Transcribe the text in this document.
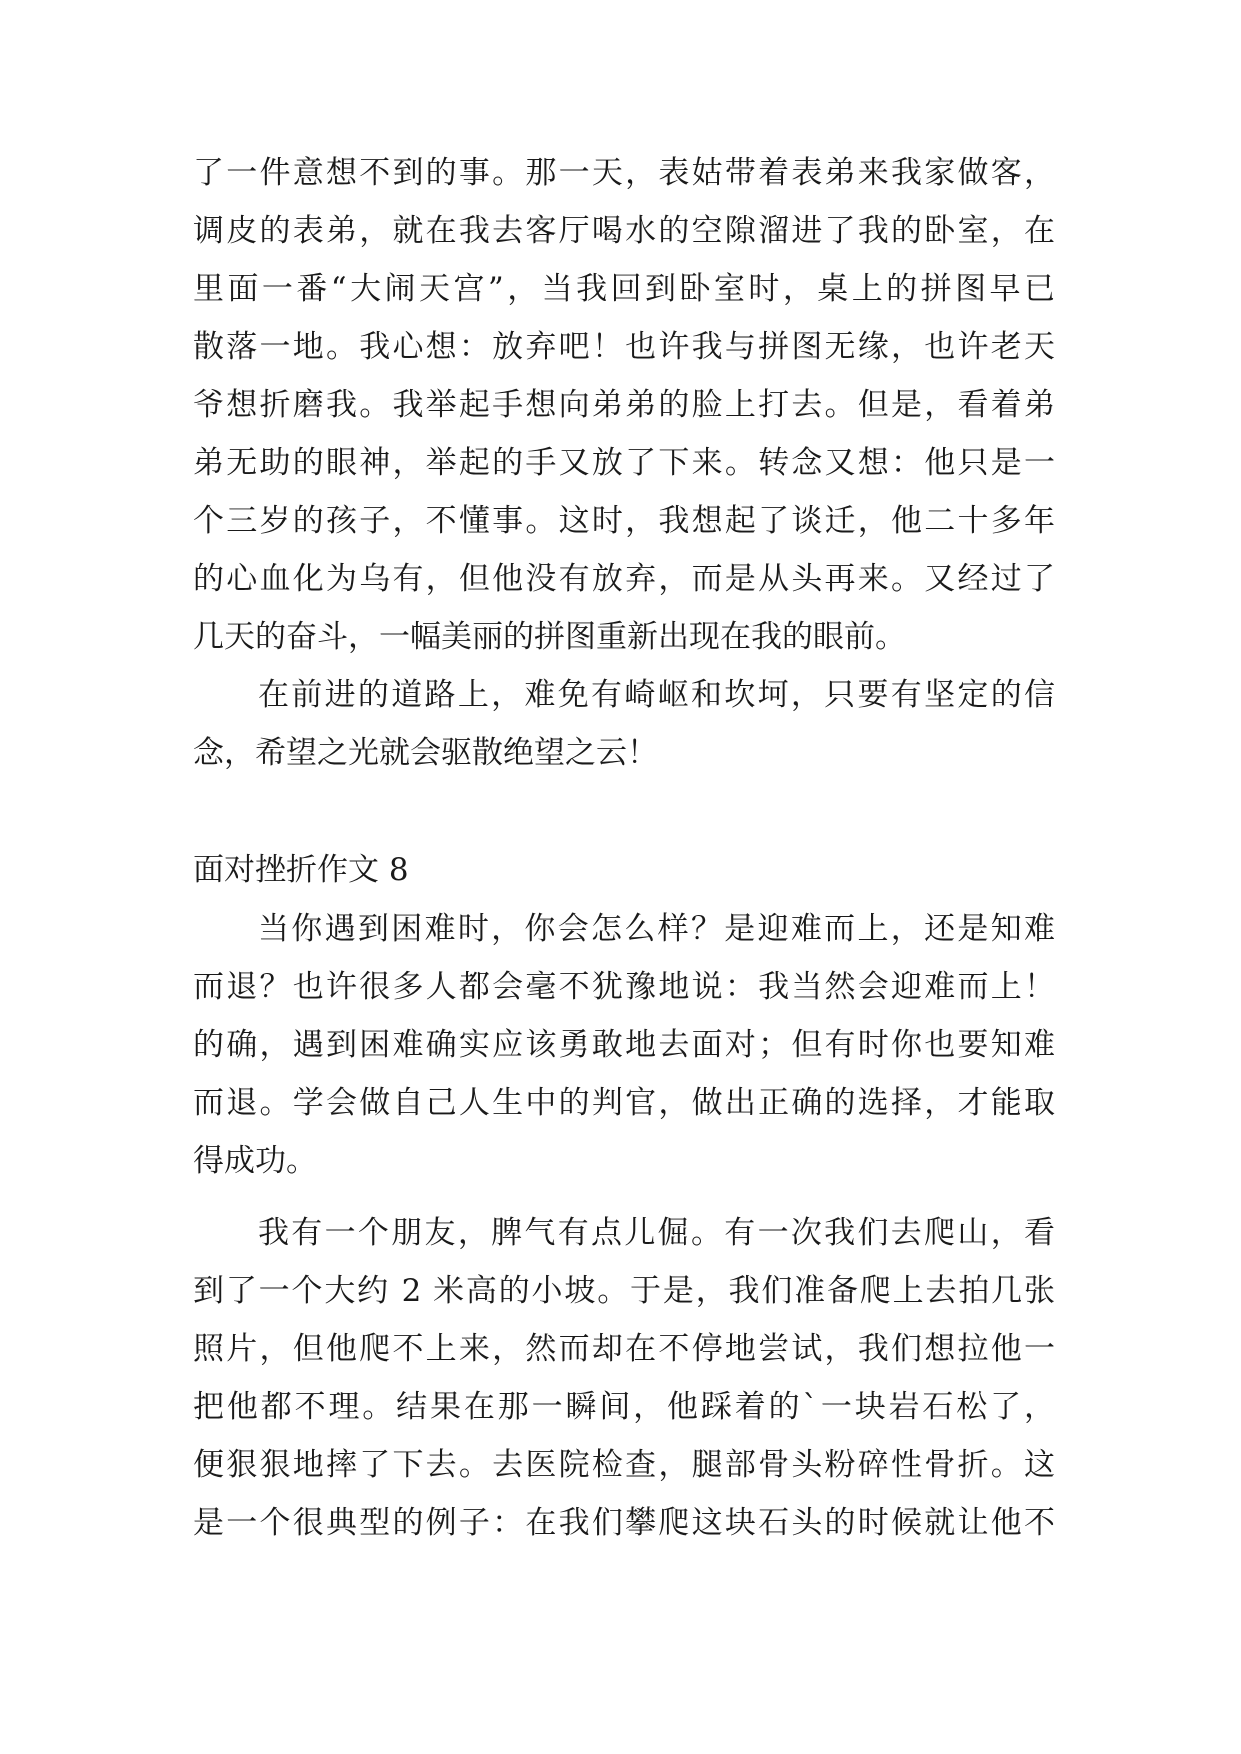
了一件意想不到的事。那一天，表姑带着表弟来我家做客，
调皮的表弟，就在我去客厅喝水的空隙溜进了我的卧室，在
里面一番“大闹天宫”，当我回到卧室时，桌上的拼图早已
散落一地。我心想：放弃吧！也许我与拼图无缘，也许老天
爷想折磨我。我举起手想向弟弟的脸上打去。但是，看着弟
弟无助的眼神，举起的手又放了下来。转念又想：他只是一
个三岁的孩子，不懂事。这时，我想起了谈迁，他二十多年
的心血化为乌有，但他没有放弃，而是从头再来。又经过了
几天的奋斗，一幅美丽的拼图重新出现在我的眼前。
在前进的道路上，难免有崎岖和坎坷，只要有坚定的信
念，希望之光就会驱散绝望之云！
面对挫折作文 8
当你遇到困难时，你会怎么样？是迎难而上，还是知难
而退？也许很多人都会毫不犹豫地说：我当然会迎难而上！
的确，遇到困难确实应该勇敢地去面对；但有时你也要知难
而退。学会做自己人生中的判官，做出正确的选择，才能取
得成功。
我有一个朋友，脾气有点儿倔。有一次我们去爬山，看
到了一个大约 2 米高的小坡。于是，我们准备爬上去拍几张
照片，但他爬不上来，然而却在不停地尝试，我们想拉他一
把他都不理。结果在那一瞬间，他踩着的`一块岩石松了，
便狠狠地摔了下去。去医院检查，腿部骨头粉碎性骨折。这
是一个很典型的例子：在我们攀爬这块石头的时候就让他不
